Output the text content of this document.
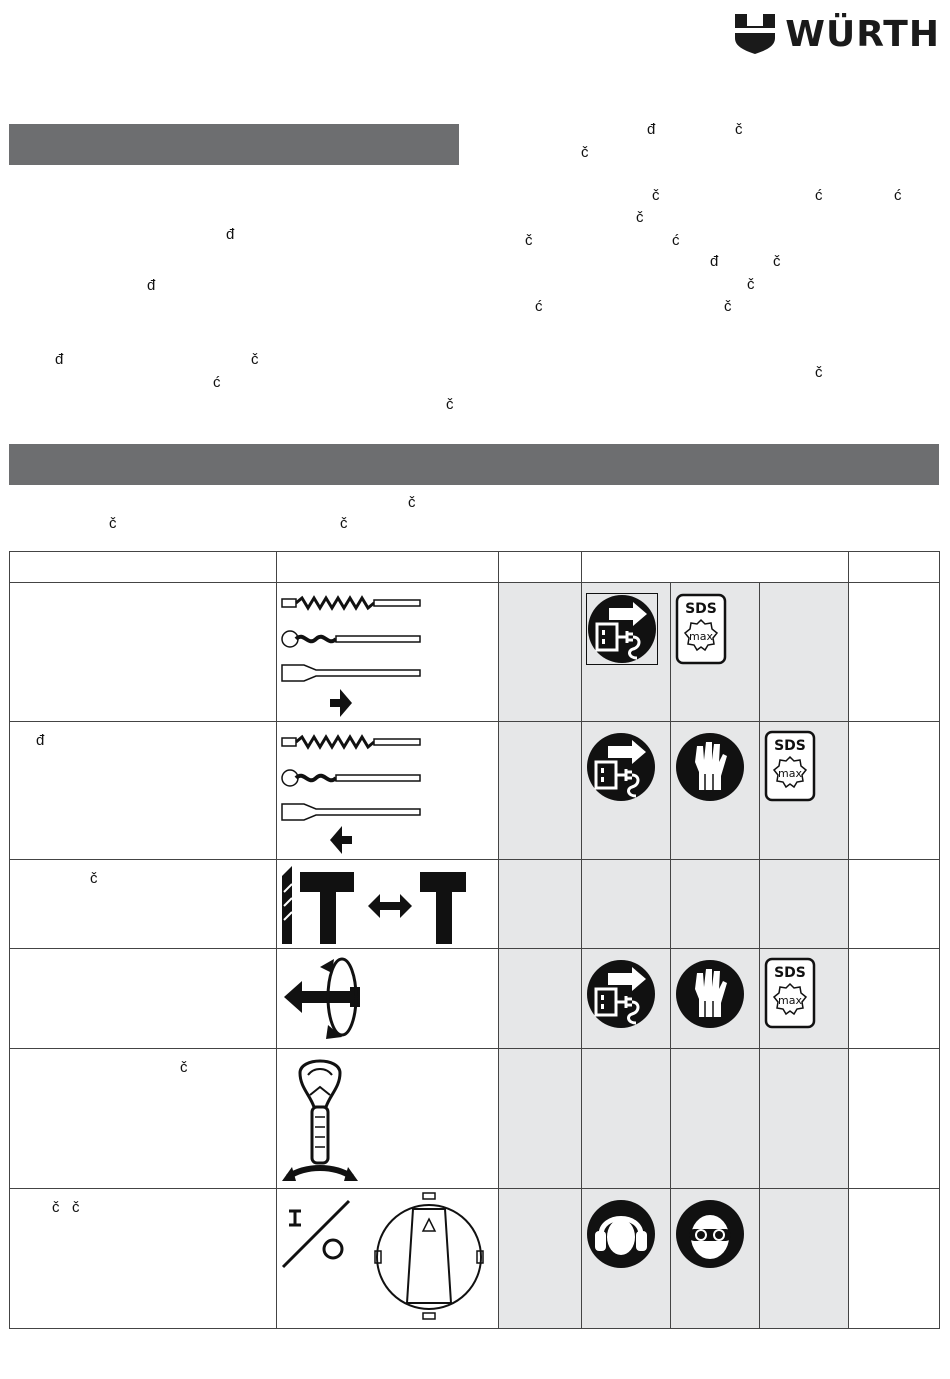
WÜRTH
đ	č
č
č	ć	ć
č
č	ć
đ	č
č
ć	č
č
đ
đ
đ	č
ć
č
č
č	č

đ

č

č

č   č
